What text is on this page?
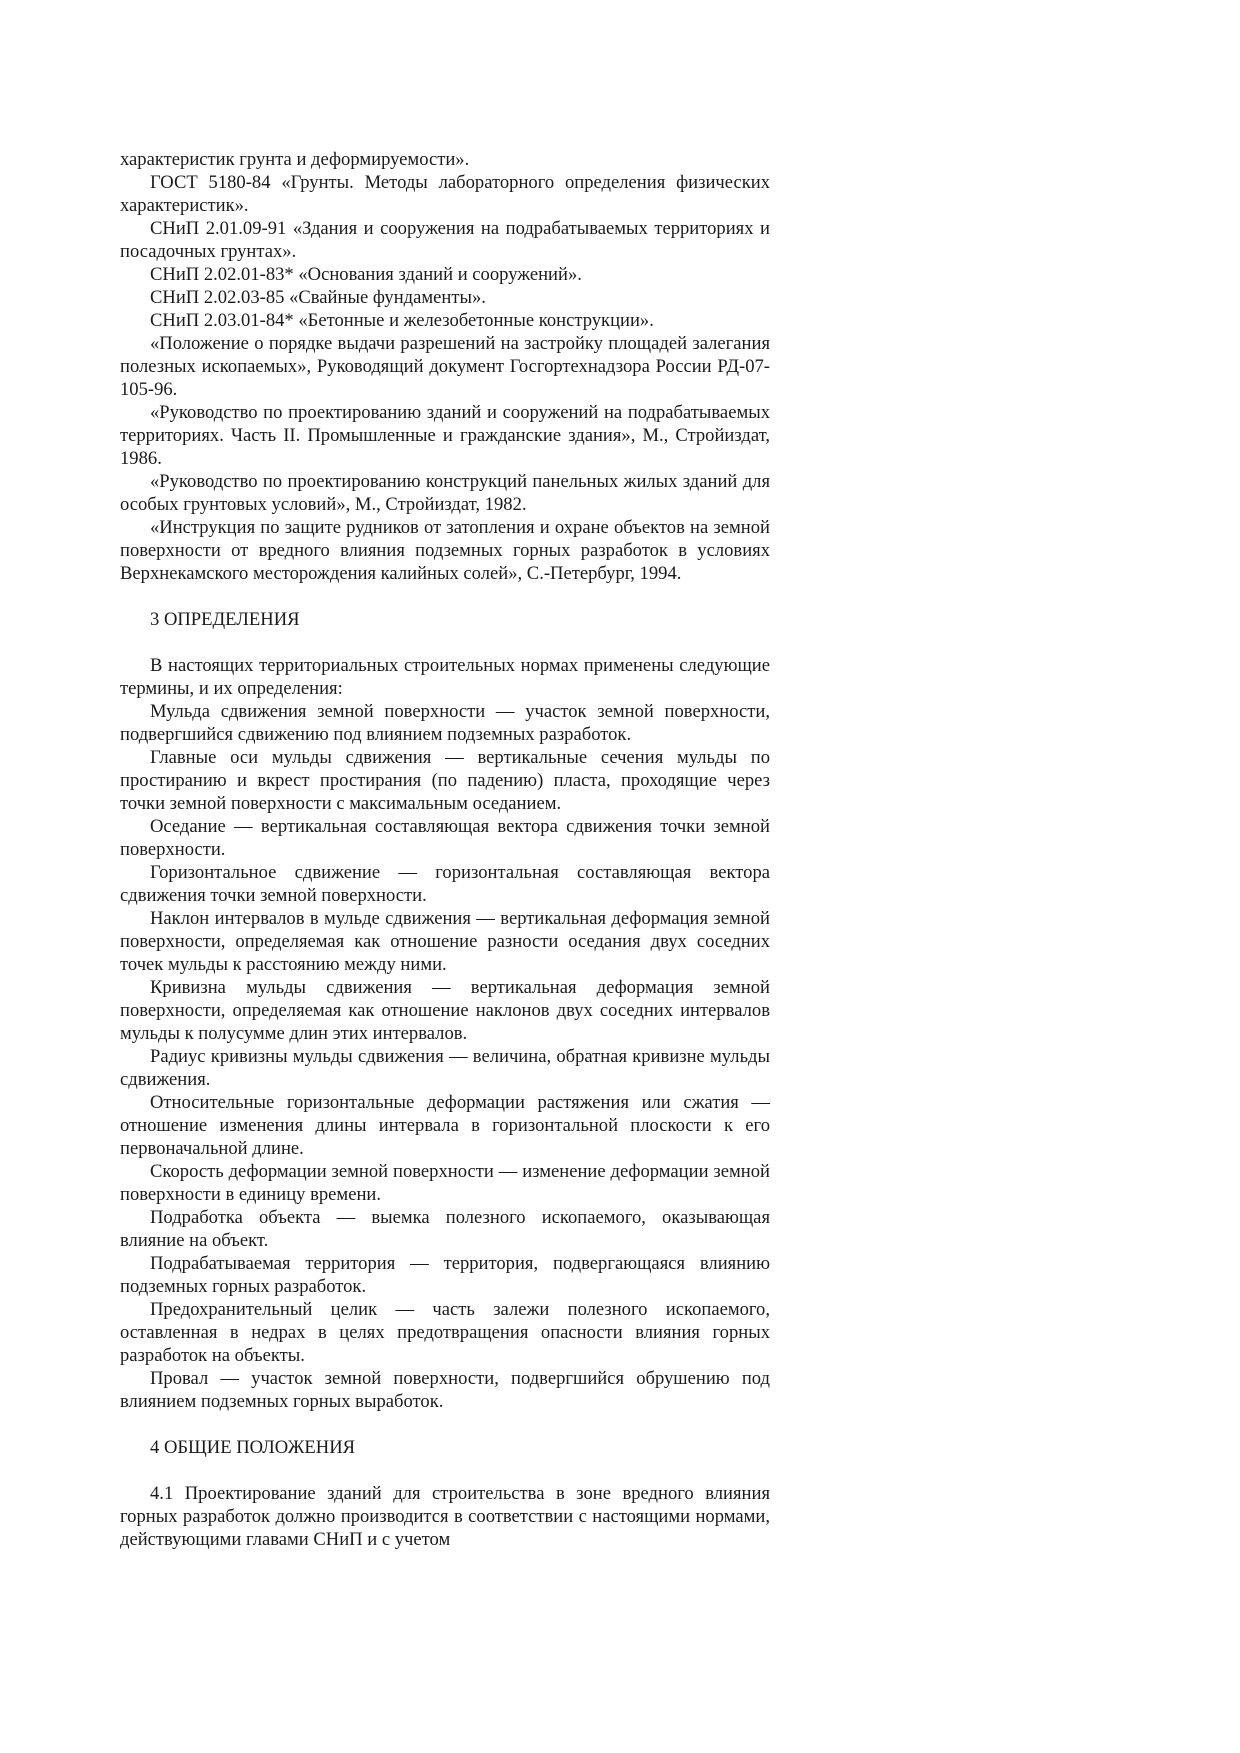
характеристик грунта и деформируемости».

ГОСТ 5180-84 «Грунты. Методы лабораторного определения физических характеристик».

СНиП 2.01.09-91 «Здания и сооружения на подрабатываемых территориях и посадочных грунтах».

СНиП 2.02.01-83* «Основания зданий и сооружений».

СНиП 2.02.03-85 «Свайные фундаменты».

СНиП 2.03.01-84* «Бетонные и железобетонные конструкции».

«Положение о порядке выдачи разрешений на застройку площадей залегания полезных ископаемых», Руководящий документ Госгортехнадзора России РД-07-105-96.

«Руководство по проектированию зданий и сооружений на подрабатываемых территориях. Часть II. Промышленные и гражданские здания», М., Стройиздат, 1986.

«Руководство по проектированию конструкций панельных жилых зданий для особых грунтовых условий», М., Стройиздат, 1982.

«Инструкция по защите рудников от затопления и охране объектов на земной поверхности от вредного влияния подземных горных разработок в условиях Верхнекамского месторождения калийных солей», С.-Петербург, 1994.

3 ОПРЕДЕЛЕНИЯ

В настоящих территориальных строительных нормах применены следующие термины, и их определения:

Мульда сдвижения земной поверхности — участок земной поверхности, подвергшийся сдвижению под влиянием подземных разработок.

Главные оси мульды сдвижения — вертикальные сечения мульды по простиранию и вкрест простирания (по падению) пласта, проходящие через точки земной поверхности с максимальным оседанием.

Оседание — вертикальная составляющая вектора сдвижения точки земной поверхности.

Горизонтальное сдвижение — горизонтальная составляющая вектора сдвижения точки земной поверхности.

Наклон интервалов в мульде сдвижения — вертикальная деформация земной поверхности, определяемая как отношение разности оседания двух соседних точек мульды к расстоянию между ними.

Кривизна мульды сдвижения — вертикальная деформация земной поверхности, определяемая как отношение наклонов двух соседних интервалов мульды к полусумме длин этих интервалов.

Радиус кривизны мульды сдвижения — величина, обратная кривизне мульды сдвижения.

Относительные горизонтальные деформации растяжения или сжатия — отношение изменения длины интервала в горизонтальной плоскости к его первоначальной длине.

Скорость деформации земной поверхности — изменение деформации земной поверхности в единицу времени.

Подработка объекта — выемка полезного ископаемого, оказывающая влияние на объект.

Подрабатываемая территория — территория, подвергающаяся влиянию подземных горных разработок.

Предохранительный целик — часть залежи полезного ископаемого, оставленная в недрах в целях предотвращения опасности влияния горных разработок на объекты.

Провал — участок земной поверхности, подвергшийся обрушению под влиянием подземных горных выработок.

4 ОБЩИЕ ПОЛОЖЕНИЯ

4.1 Проектирование зданий для строительства в зоне вредного влияния горных разработок должно производится в соответствии с настоящими нормами, действующими главами СНиП и с учетом
